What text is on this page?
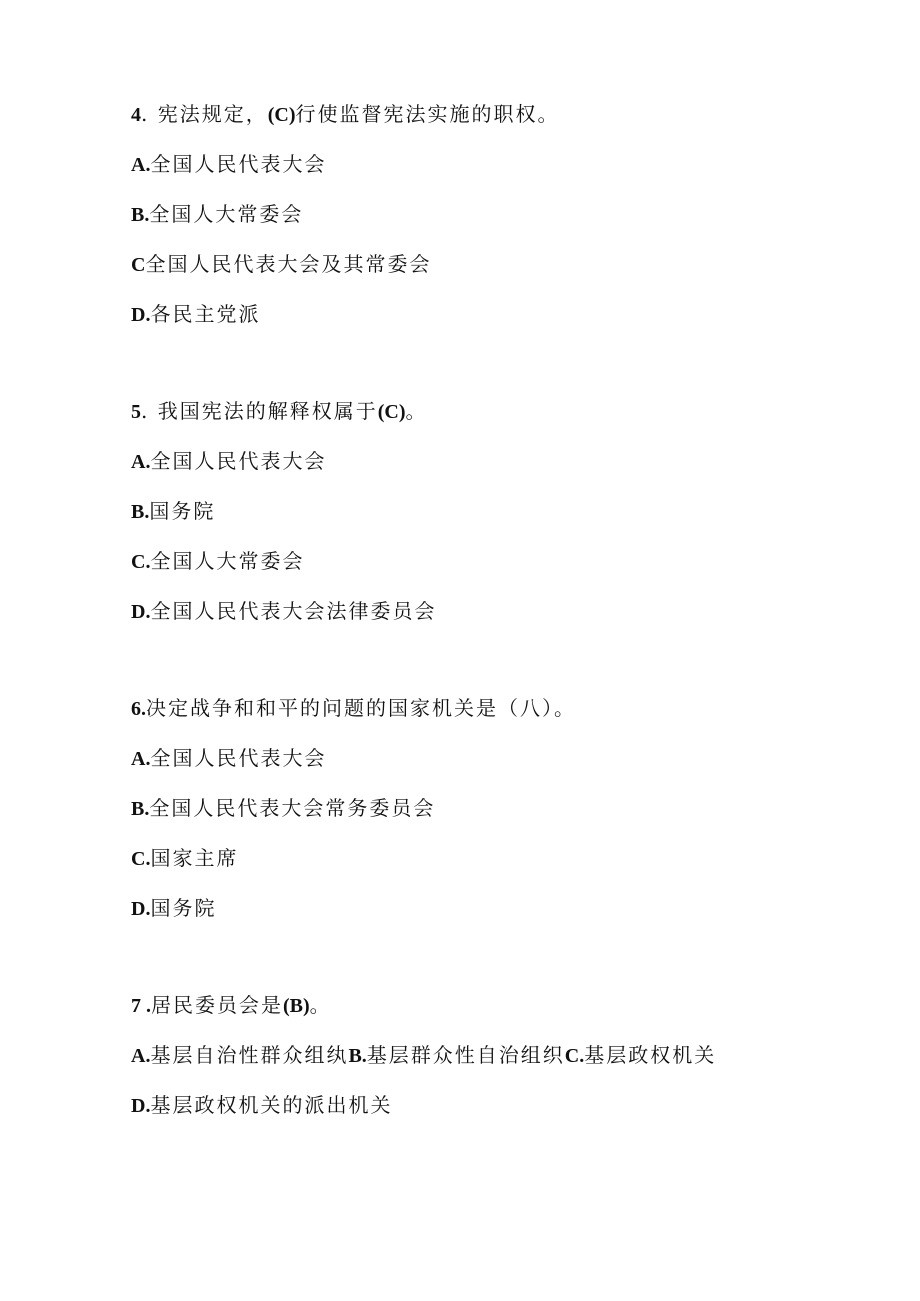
4. 宪法规定，(C)行使监督宪法实施的职权。
A.全国人民代表大会
B.全国人大常委会
C全国人民代表大会及其常委会
D.各民主党派
5. 我国宪法的解释权属于(C)。
A.全国人民代表大会
B.国务院
C.全国人大常委会
D.全国人民代表大会法律委员会
6.决定战争和和平的问题的国家机关是（八）。
A.全国人民代表大会
B.全国人民代表大会常务委员会
C.国家主席
D.国务院
7 .居民委员会是(B)。
A.基层自治性群众组纨B.基层群众性自治组织C.基层政权机关
D.基层政权机关的派出机关
